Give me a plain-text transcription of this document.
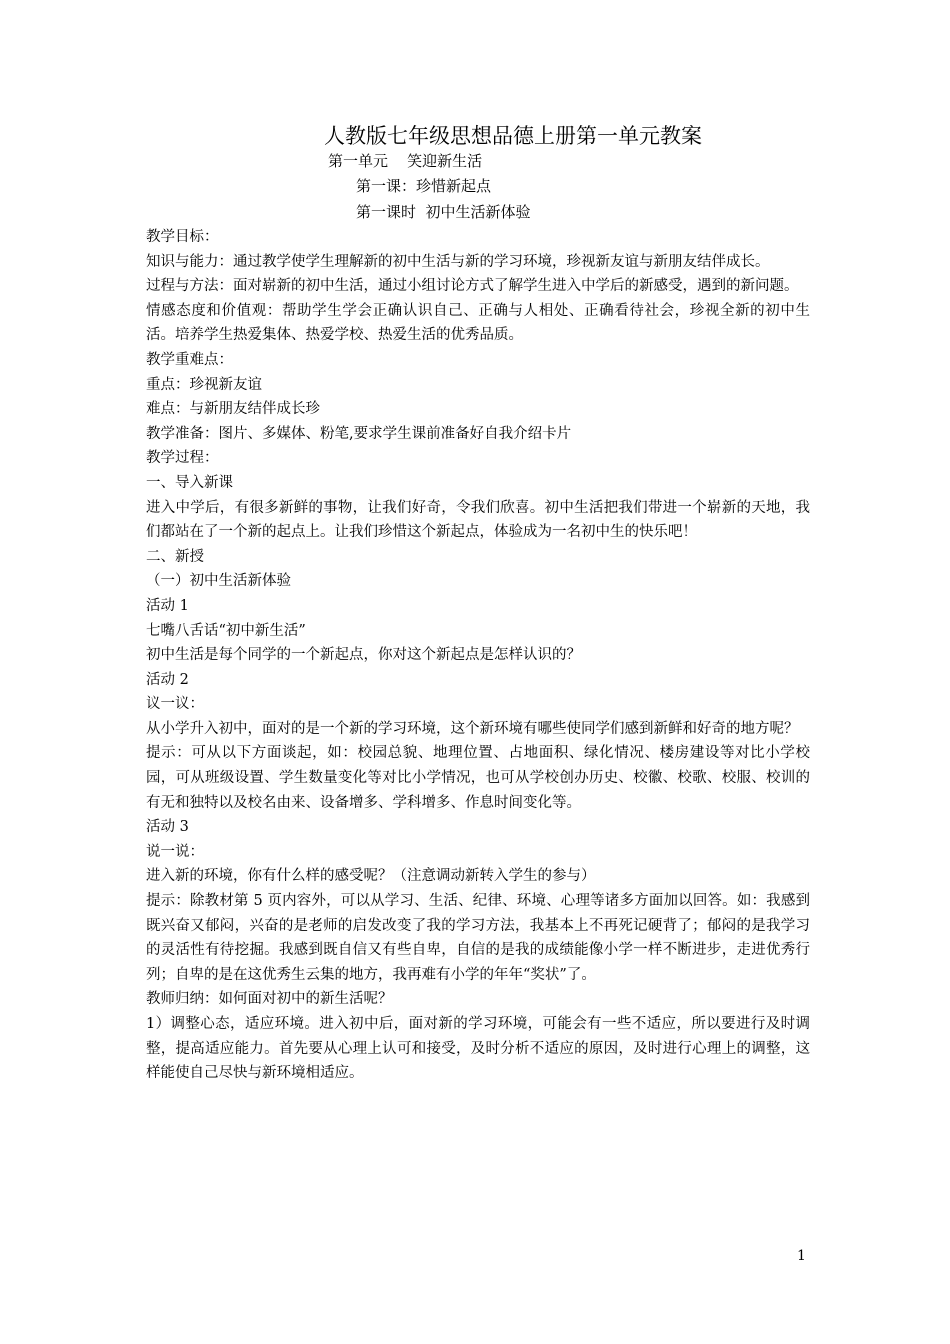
人教版七年级思想品德上册第一单元教案
第一单元    笑迎新生活
第一课：珍惜新起点
第一课时  初中生活新体验

教学目标：

知识与能力：通过教学使学生理解新的初中生活与新的学习环境，珍视新友谊与新朋友结伴成长。

过程与方法：面对崭新的初中生活，通过小组讨论方式了解学生进入中学后的新感受，遇到的新问题。

情感态度和价值观：帮助学生学会正确认识自己、正确与人相处、正确看待社会，珍视全新的初中生活。培养学生热爱集体、热爱学校、热爱生活的优秀品质。

教学重难点：

重点：珍视新友谊

难点：与新朋友结伴成长珍

教学准备：图片、多媒体、粉笔,要求学生课前准备好自我介绍卡片

教学过程：

一、导入新课

进入中学后，有很多新鲜的事物，让我们好奇，令我们欣喜。初中生活把我们带进一个崭新的天地，我们都站在了一个新的起点上。让我们珍惜这个新起点，体验成为一名初中生的快乐吧！

二、新授

（一）初中生活新体验

活动 1

七嘴八舌话“初中新生活”

初中生活是每个同学的一个新起点，你对这个新起点是怎样认识的？

活动 2

议一议：

从小学升入初中，面对的是一个新的学习环境，这个新环境有哪些使同学们感到新鲜和好奇的地方呢？

提示：可从以下方面谈起，如：校园总貌、地理位置、占地面积、绿化情况、楼房建设等对比小学校园，可从班级设置、学生数量变化等对比小学情况，也可从学校创办历史、校徽、校歌、校服、校训的有无和独特以及校名由来、设备增多、学科增多、作息时间变化等。

活动 3

说一说：

进入新的环境，你有什么样的感受呢？（注意调动新转入学生的参与）

提示：除教材第 5 页内容外，可以从学习、生活、纪律、环境、心理等诸多方面加以回答。如：我感到既兴奋又郁闷，兴奋的是老师的启发改变了我的学习方法，我基本上不再死记硬背了；郁闷的是我学习的灵活性有待挖掘。我感到既自信又有些自卑，自信的是我的成绩能像小学一样不断进步，走进优秀行列；自卑的是在这优秀生云集的地方，我再难有小学的年年“奖状”了。

教师归纳：如何面对初中的新生活呢？

1）调整心态，适应环境。进入初中后，面对新的学习环境，可能会有一些不适应，所以要进行及时调整，提高适应能力。首先要从心理上认可和接受，及时分析不适应的原因，及时进行心理上的调整，这样能使自己尽快与新环境相适应。

1
